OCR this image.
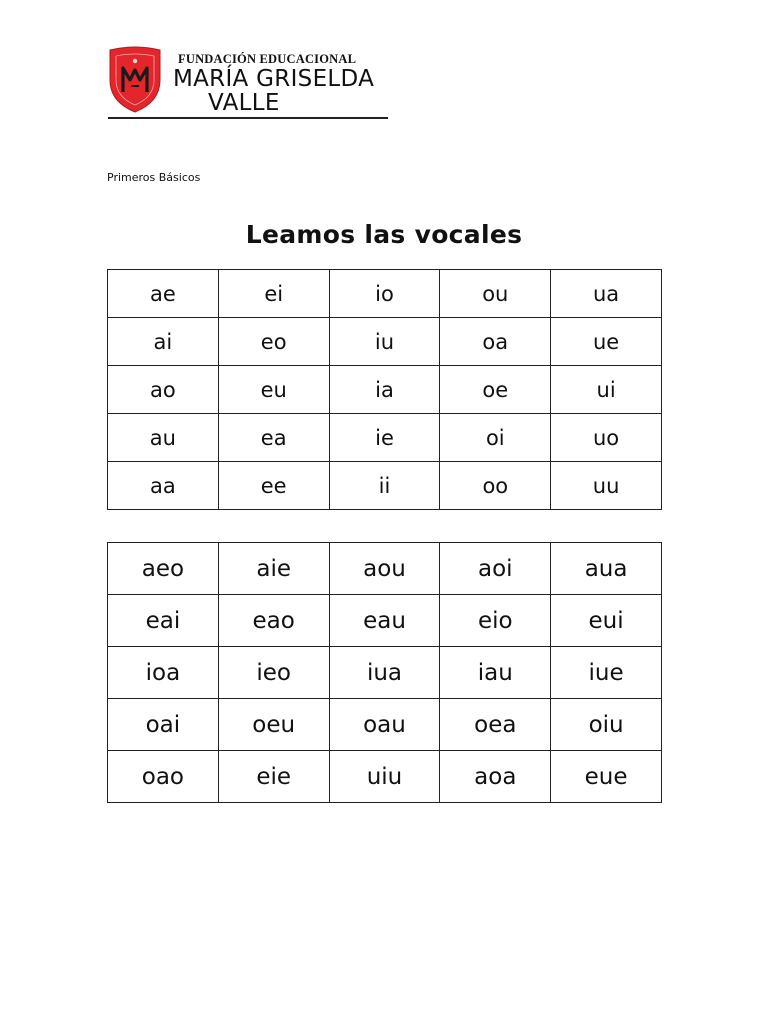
FUNDACIÓN EDUCACIONAL
MARÍA GRISELDA
VALLE
Primeros Básicos
Leamos las vocales
ae	ei	io	ou	ua
ai	eo	iu	oa	ue
ao	eu	ia	oe	ui
au	ea	ie	oi	uo
aa	ee	ii	oo	uu
aeo	aie	aou	aoi	aua
eai	eao	eau	eio	eui
ioa	ieo	iua	iau	iue
oai	oeu	oau	oea	oiu
oao	eie	uiu	aoa	eue
